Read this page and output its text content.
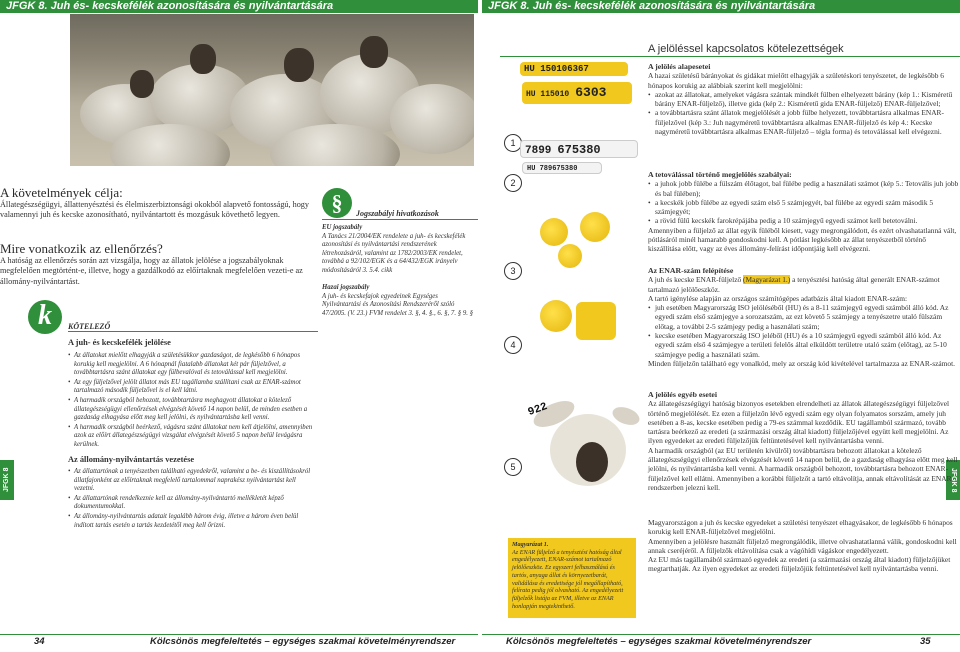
JFGK 8. Juh és- kecskefélék azonosítására és nyilvántartására	JFGK 8. Juh és- kecskefélék azonosítására és nyilvántartására
JFGK 8	JFGK 8
A követelmények célja:
Állategészségügyi, állattenyésztési és élelmiszerbiztonsági okokból alapvető fontosságú, hogy valamennyi juh és kecske azonosítható, nyilvántartott és mozgásuk követhető legyen.
Mire vonatkozik az ellenőrzés?
A hatóság az ellenőrzés során azt vizsgálja, hogy az állatok jelölése a jogszabályoknak megfelelően megtörtént-e, illetve, hogy a gazdálkodó az előírtaknak megfelelően vezeti-e az állomány-nyilvántartást.
k	KÖTELEZŐ
A juh- és kecskefélék jelölése
• Az állatokat mielőtt elhagyják a születésükkor gazdaságot, de legkésőbb 6 hónapos korukig kell megjelölni. A 6 hónapnál fiatalabb állatokat két pár füljelzővel, a továbbtartásra szánt állatokat egy fülbevalóval és tetoválással kell megjelölni.
• Az egy füljelzővel jelölt állatot más EU tagállamba szállítani csak az ENAR-számot tartalmazó második füljelzővel is el kell látni.
• A harmadik országból behozott, továbbtartásra meghagyott állatokat a kötelező állategészségügyi ellenőrzések elvégzését követő 14 napon belül, de minden esetben a gazdaság elhagyása előtt meg kell jelölni, és nyilvántartásba kell venni.
• A harmadik országból beérkező, vágásra szánt állatokat nem kell átjelölni, amennyiben azok az előírt állategészségügyi vizsgálat elvégzését követő 5 napon belül levágásra kerülnek.
Az állomány-nyilvántartás vezetése
• Az állattartónak a tenyészetben található egyedekről, valamint a be- és kiszállításokról állatfajonként az előírtaknak megfelelő tartalommal naprakész nyilvántartást kell vezetni.
• Az állattartónak rendelkeznie kell az állomány-nyilvántartó mellékletét képző dokumentumokkal.
• Az állomány-nyilvántartás adatait legalább három évig, illetve a három éven belül indított tartás esetén a tartás kezdetétől meg kell őrizni.
§	Jogszabályi hivatkozások
EU jogszabály
A Tanács 21/2004/EK rendelete a juh- és kecskefélék azonosítási és nyilvántartási rendszerének létrehozásáról, valamint az 1782/2003/EK rendelet, továbbá a 92/102/EGK és a 64/432/EGK irányelv módosításáról 3. 5.4. cikk
Hazai jogszabály
A juh- és kecskefajok egyedeinek Egységes Nyilvántartási és Azonosítási Rendszeréről szóló 47/2005. (V. 23.) FVM rendelet 3. §, 4. §., 6. §, 7. § 9. §
A jelöléssel kapcsolatos kötelezettségek
HU 150106367
HU 115010 6303
1
7899 675380
HU 789675380
2
3
4
922
5
Magyarázat 1.
Az ENAR füljelző a tenyésztési hatóság által engedélyezett, ENAR-számot tartalmazó jelölőeszköz. Ez egyszeri felhasználású és tartós, anyaga állat és környezetbarát, validálása és eredetisége jól megállapítható, felírata pedig jól olvasható. Az engedélyezett füljelzők listája az FVM, illetve az ENAR honlapján megtekinthető.
A jelölés alapesetei
A hazai születésű bárányokat és gidákat mielőtt elhagyják a születéskori tenyészetet, de legkésőbb 6 hónapos korukig az alábbiak szerint kell megjelölni:
• azokat az állatokat, amelyeket vágásra szántak mindkét fülben elhelyezett bárány (kép 1.: Kisméretű bárány ENAR-füljelző), illetve gida (kép 2.: Kisméretű gida ENAR-füljelző) ENAR-füljelzővel;
• a továbbtartásra szánt állatok megjelölését a jobb fülbe helyezett, továbbtartásra alkalmas ENAR-füljelzővel (kép 3.: Juh nagyméretű továbbtartásra alkalmas ENAR-füljelző és kép 4.: Kecske nagyméretű továbbtartásra alkalmas ENAR-füljelző – tégla forma) és tetoválással kell elvégezni.
A tetoválással történő megjelölés szabályai:
• a juhok jobb fülébe a fülszám élőtagot, bal fülébe pedig a használati számot (kép 5.: Tetovális juh jobb és bal fülében);
• a kecskék jobb fülébe az egyedi szám első 5 számjegyét, bal fülébe az egyedi szám második 5 számjegyét;
• a rövid fülű kecskék farokrépájába pedig a 10 számjegyű egyedi számot kell betetoválni.
Amennyiben a füljelző az állat egyik füléből kiesett, vagy megrongálódott, és ezért olvashatatlanná vált, pótlásáról minél hamarabb gondoskodni kell. A pótlást legkésőbb az állat tenyészetből történő kiszállítása előtt, vagy az éves állomány-felírást időpontjáig kell elvégezni.
Az ENAR-szám felépítése
A juh és kecske ENAR-füljelző (Magyarázat 1.) a tenyésztési hatóság által generált ENAR-számot tartalmazó jelölőeszköz.
A tartó igénylése alapján az országos számítógépes adatbázis által kiadott ENAR-szám:
• juh esetében Magyarország ISO jelöléséből (HU) és a 8-11 számjegyű egyedi számból álló kód. Az egyedi szám első számjegye a sorozatszám, az ezt követő 5 számjegy a tenyészetre utaló fülszám előtag, a további 2-5 számjegy pedig a használati szám;
• kecske esetében Magyarország ISO jeléből (HU) és a 10 számjegyű egyedi számból álló kód. Az egyedi szám első 4 számjegye a területi felelős által elküldött területre utaló szám (előtag), az 5-10 számjegye pedig a használati szám.
Minden füljelzőn található egy vonalkód, mely az ország kód kivételével tartalmazza az ENAR-számot.
A jelölés egyéb esetei
Az állategészségügyi hatóság bizonyos esetekben elrendelheti az állatok állategészségügyi füljelzővel történő megjelölését. Ez ezen a füljelzőn lévő egyedi szám egy olyan folyamatos sorszám, amely juh esetében a 8-as, kecske esetében pedig a 79-es számmal kezdődik. EU tagállamból származó, tovább tartásra beérkező az eredeti (a származási ország által kiadott) füljelzőjével együtt kell megjelölni. Az ilyen egyedeket az eredeti füljelzőjük feltüntetésével kell nyilvántartásba venni.
A harmadik országból (az EU területén kívülről) továbbtartásra behozott állatokat a kötelező állategészségügyi ellenőrzések elvégzését követő 14 napon belül, de a gazdaság elhagyása előtt meg kell jelölni, és nyilvántartásba kell venni. A harmadik országból behozott, továbbtartásra behozott ENAR-füljelzővel kell ellátni. Amennyiben a korábbi füljelzőt a tartó eltávolítja, annak eltávolítását az ENAR rendszerben jelezni kell.
Magyarországon a juh és kecske egyedeket a születési tenyészet elhagyásakor, de legkésőbb 6 hónapos korukig kell ENAR-füljelzővel megjelölni.
Amennyiben a jelölésre használt füljelző megrongálódik, illetve olvashatatlanná válik, gondoskodni kell annak cseréjéről. A füljelzők eltávolítása csak a vágóhídi vágáskor engedélyezett.
Az EU más tagállamából származó egyedek az eredeti (a származási ország által kiadott) füljelzőjüket megtarthatják. Az ilyen egyedeket az eredeti füljelzőjük feltüntetésével kell nyilvántartásba venni.
34	Kölcsönös megfeleltetés – egységes szakmai követelményrendszer	Kölcsönös megfeleltetés – egységes szakmai követelményrendszer	35
